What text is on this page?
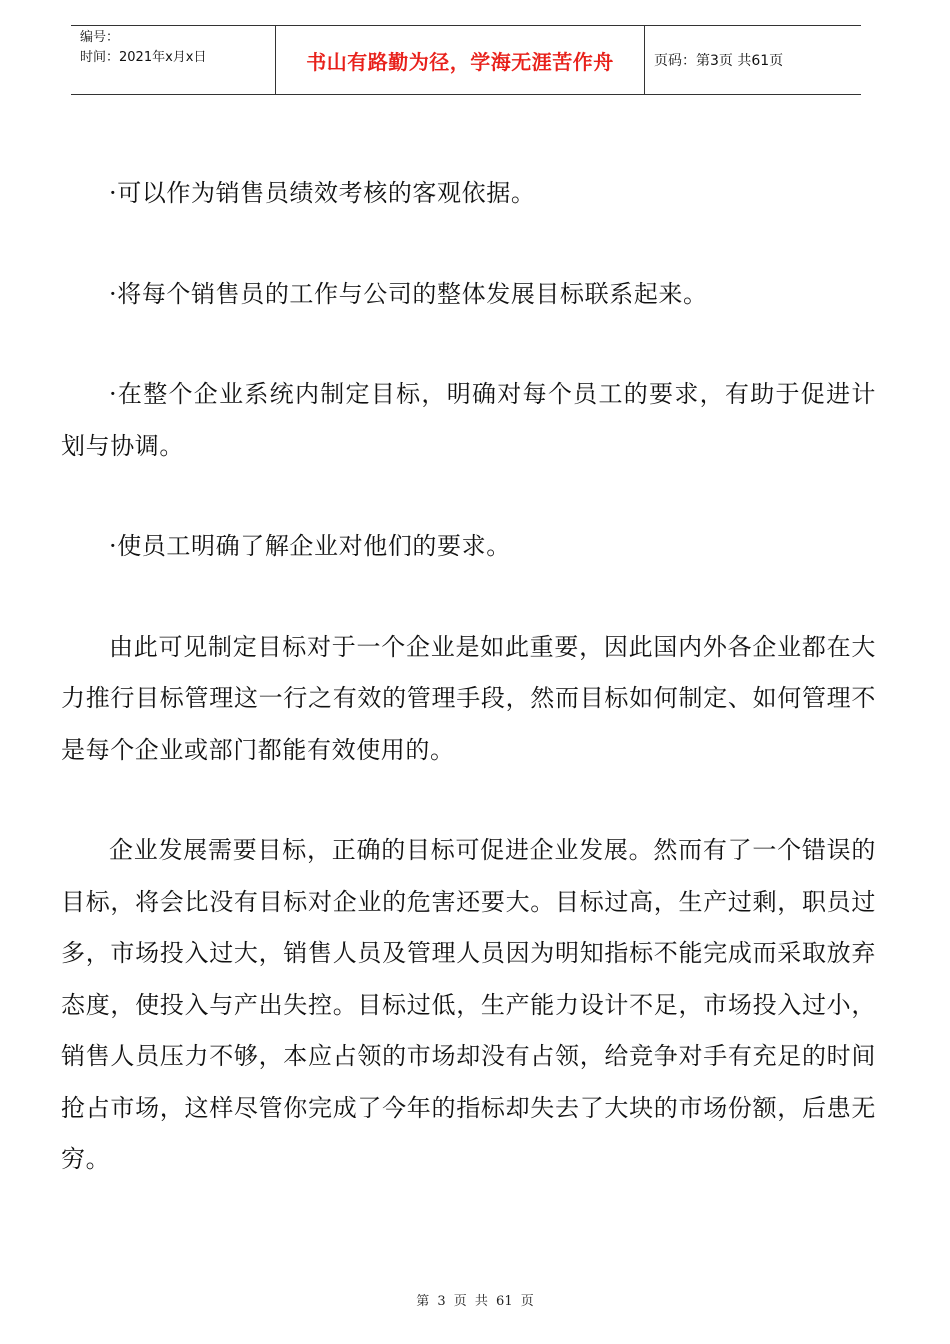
编号：
时间：2021年x月x日	书山有路勤为径，学海无涯苦作舟	页码：第3页 共61页

·可以作为销售员绩效考核的客观依据。

·将每个销售员的工作与公司的整体发展目标联系起来。

·在整个企业系统内制定目标，明确对每个员工的要求，有助于促进计划与协调。

·使员工明确了解企业对他们的要求。

由此可见制定目标对于一个企业是如此重要，因此国内外各企业都在大力推行目标管理这一行之有效的管理手段，然而目标如何制定、如何管理不是每个企业或部门都能有效使用的。

企业发展需要目标，正确的目标可促进企业发展。然而有了一个错误的目标，将会比没有目标对企业的危害还要大。目标过高，生产过剩，职员过多，市场投入过大，销售人员及管理人员因为明知指标不能完成而采取放弃态度，使投入与产出失控。目标过低，生产能力设计不足，市场投入过小，销售人员压力不够，本应占领的市场却没有占领，给竞争对手有充足的时间抢占市场，这样尽管你完成了今年的指标却失去了大块的市场份额，后患无穷。

第 3 页 共 61 页
